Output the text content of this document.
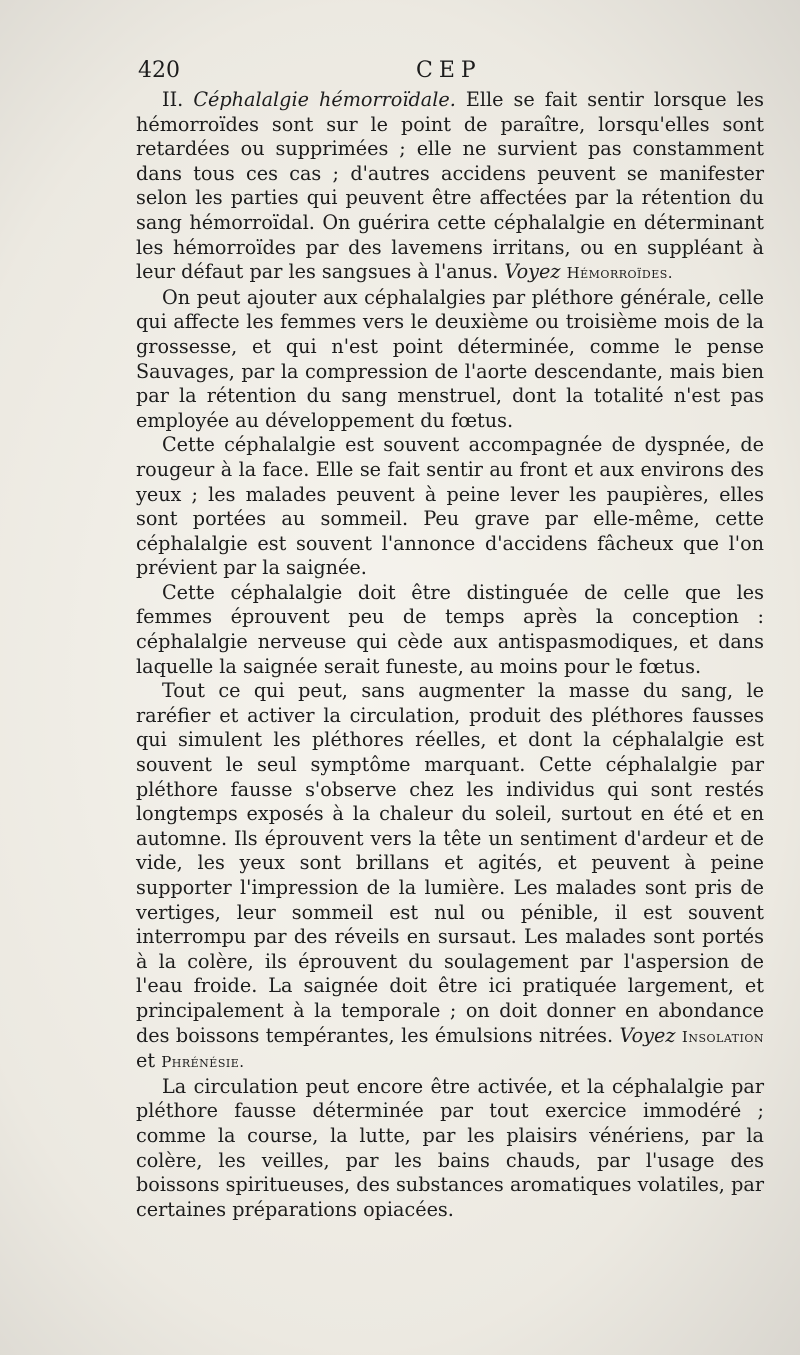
420	CEP

II. Céphalalgie hémorroïdale. Elle se fait sentir lorsque les hémorroïdes sont sur le point de paraître, lorsqu'elles sont retardées ou supprimées ; elle ne survient pas constamment dans tous ces cas ; d'autres accidens peuvent se manifester selon les parties qui peuvent être affectées par la rétention du sang hémorroïdal. On guérira cette céphalalgie en déterminant les hémorroïdes par des lavemens irritans, ou en suppléant à leur défaut par les sangsues à l'anus. Voyez Hémorroïdes.

On peut ajouter aux céphalalgies par pléthore générale, celle qui affecte les femmes vers le deuxième ou troisième mois de la grossesse, et qui n'est point déterminée, comme le pense Sauvages, par la compression de l'aorte descendante, mais bien par la rétention du sang menstruel, dont la totalité n'est pas employée au développement du fœtus.

Cette céphalalgie est souvent accompagnée de dyspnée, de rougeur à la face. Elle se fait sentir au front et aux environs des yeux ; les malades peuvent à peine lever les paupières, elles sont portées au sommeil. Peu grave par elle-même, cette céphalalgie est souvent l'annonce d'accidens fâcheux que l'on prévient par la saignée.

Cette céphalalgie doit être distinguée de celle que les femmes éprouvent peu de temps après la conception : céphalalgie nerveuse qui cède aux antispasmodiques, et dans laquelle la saignée serait funeste, au moins pour le fœtus.

Tout ce qui peut, sans augmenter la masse du sang, le raréfier et activer la circulation, produit des pléthores fausses qui simulent les pléthores réelles, et dont la céphalalgie est souvent le seul symptôme marquant. Cette céphalalgie par pléthore fausse s'observe chez les individus qui sont restés longtemps exposés à la chaleur du soleil, surtout en été et en automne. Ils éprouvent vers la tête un sentiment d'ardeur et de vide, les yeux sont brillans et agités, et peuvent à peine supporter l'impression de la lumière. Les malades sont pris de vertiges, leur sommeil est nul ou pénible, il est souvent interrompu par des réveils en sursaut. Les malades sont portés à la colère, ils éprouvent du soulagement par l'aspersion de l'eau froide. La saignée doit être ici pratiquée largement, et principalement à la temporale ; on doit donner en abondance des boissons tempérantes, les émulsions nitrées. Voyez Insolation et Phrénésie.

La circulation peut encore être activée, et la céphalalgie par pléthore fausse déterminée par tout exercice immodéré ; comme la course, la lutte, par les plaisirs vénériens, par la colère, les veilles, par les bains chauds, par l'usage des boissons spiritueuses, des substances aromatiques volatiles, par certaines préparations opiacées.
